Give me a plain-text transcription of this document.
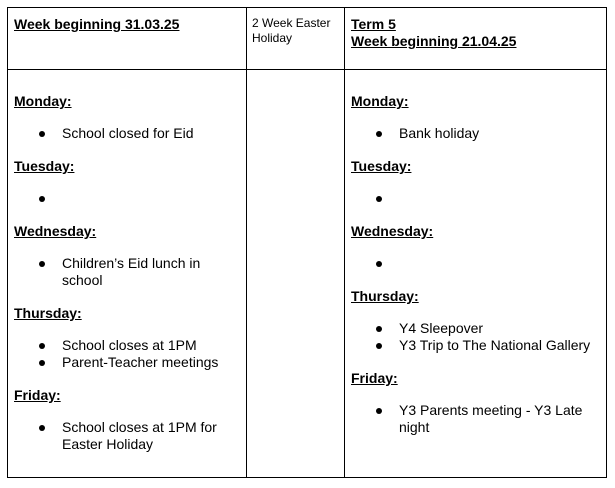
Week beginning 31.03.25	2 Week Easter Holiday
Term 5
Week beginning 21.04.25
Monday:
School closed for Eid
Tuesday:
Wednesday:
Children’s Eid lunch in school
Thursday:
School closes at 1PM
Parent-Teacher meetings
Friday:
School closes at 1PM for Easter Holiday
Monday:
Bank holiday
Tuesday:
Wednesday:
Thursday:
Y4 Sleepover
Y3 Trip to The National Gallery
Friday:
Y3 Parents meeting - Y3 Late night
